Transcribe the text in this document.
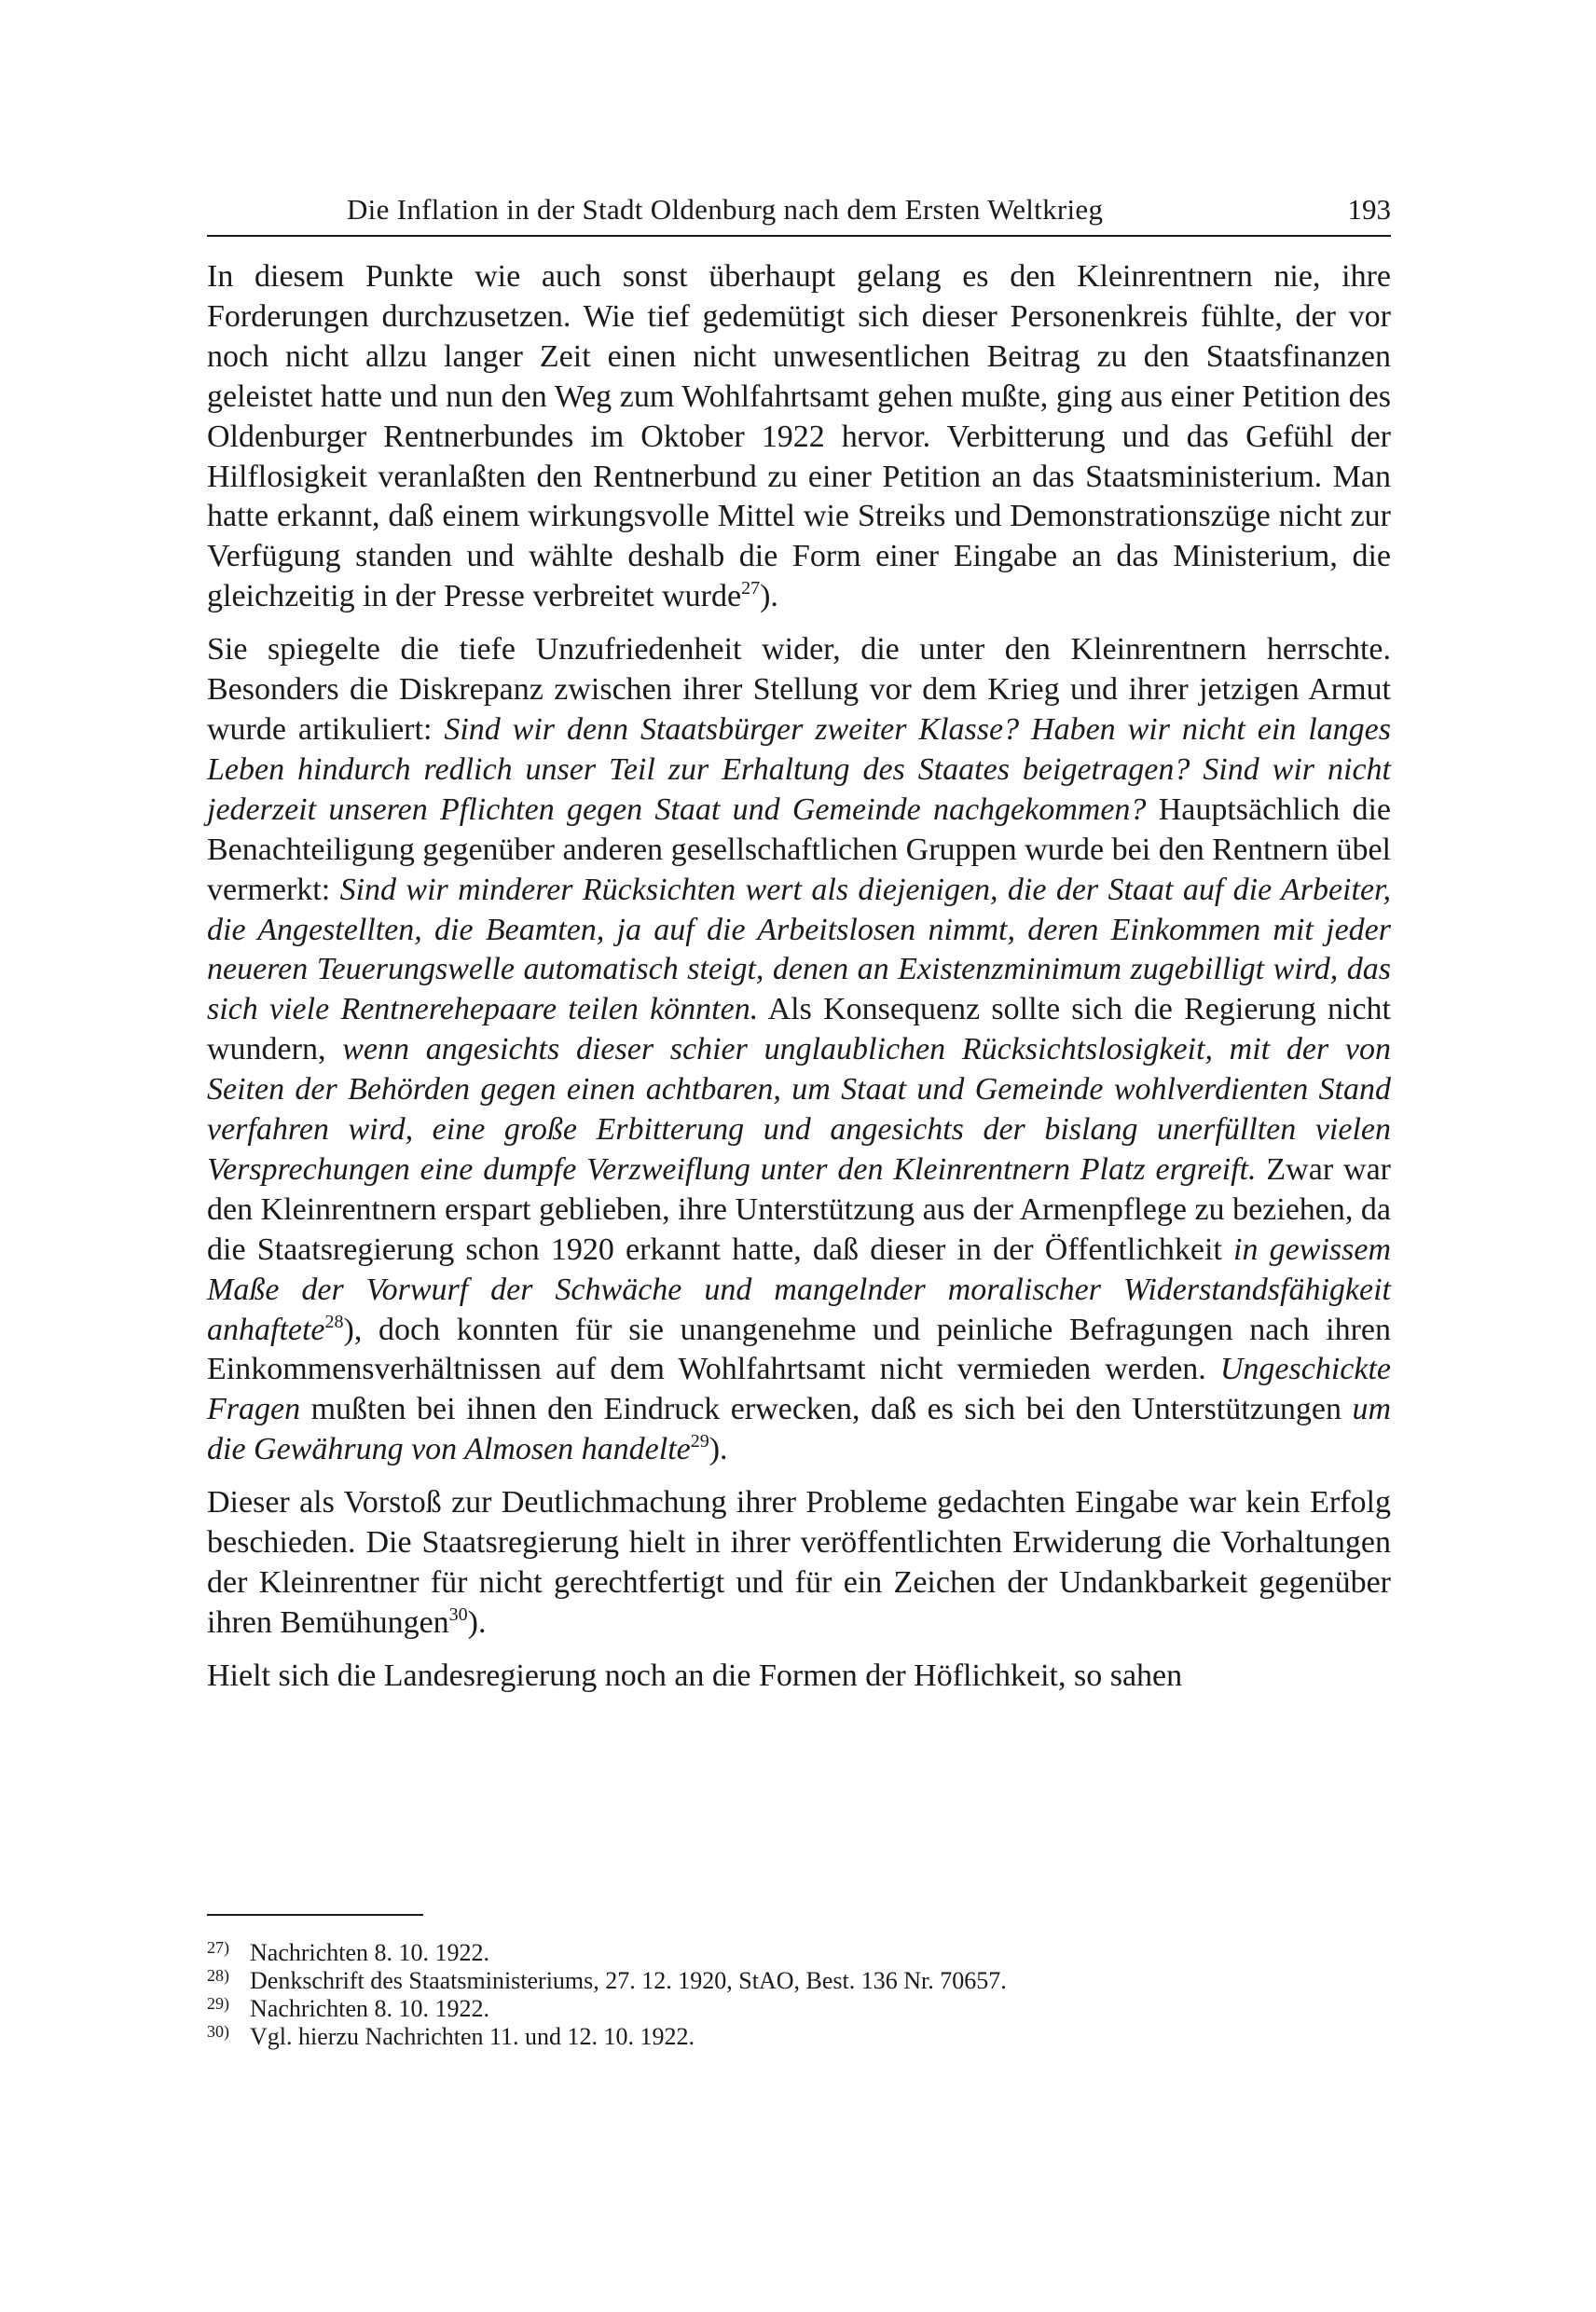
Die Inflation in der Stadt Oldenburg nach dem Ersten Weltkrieg	193

In diesem Punkte wie auch sonst überhaupt gelang es den Kleinrentnern nie, ihre Forderungen durchzusetzen. Wie tief gedemütigt sich dieser Personenkreis fühlte, der vor noch nicht allzu langer Zeit einen nicht unwesentlichen Beitrag zu den Staatsfinanzen geleistet hatte und nun den Weg zum Wohlfahrtsamt gehen mußte, ging aus einer Petition des Oldenburger Rentnerbundes im Oktober 1922 hervor. Verbitterung und das Gefühl der Hilflosigkeit veranlaßten den Rentnerbund zu einer Petition an das Staatsministerium. Man hatte erkannt, daß einem wirkungsvolle Mittel wie Streiks und Demonstrationszüge nicht zur Verfügung standen und wählte deshalb die Form einer Eingabe an das Ministerium, die gleichzeitig in der Presse verbreitet wurde$^{27}$).

Sie spiegelte die tiefe Unzufriedenheit wider, die unter den Kleinrentnern herrschte. Besonders die Diskrepanz zwischen ihrer Stellung vor dem Krieg und ihrer jetzigen Armut wurde artikuliert: Sind wir denn Staatsbürger zweiter Klasse? Haben wir nicht ein langes Leben hindurch redlich unser Teil zur Erhaltung des Staates beigetragen? Sind wir nicht jederzeit unseren Pflichten gegen Staat und Gemeinde nachgekommen? Hauptsächlich die Benachteiligung gegenüber anderen gesellschaftlichen Gruppen wurde bei den Rentnern übel vermerkt: Sind wir minderer Rücksichten wert als diejenigen, die der Staat auf die Arbeiter, die Angestellten, die Beamten, ja auf die Arbeitslosen nimmt, deren Einkommen mit jeder neueren Teuerungswelle automatisch steigt, denen an Existenzminimum zugebilligt wird, das sich viele Rentnerehepaare teilen könnten. Als Konsequenz sollte sich die Regierung nicht wundern, wenn angesichts dieser schier unglaublichen Rücksichtslosigkeit, mit der von Seiten der Behörden gegen einen achtbaren, um Staat und Gemeinde wohlverdienten Stand verfahren wird, eine große Erbitterung und angesichts der bislang unerfüllten vielen Versprechungen eine dumpfe Verzweiflung unter den Kleinrentnern Platz ergreift. Zwar war den Kleinrentnern erspart geblieben, ihre Unterstützung aus der Armenpflege zu beziehen, da die Staatsregierung schon 1920 erkannt hatte, daß dieser in der Öffentlichkeit in gewissem Maße der Vorwurf der Schwäche und mangelnder moralischer Widerstandsfähigkeit anhaftete$^{28}$), doch konnten für sie unangenehme und peinliche Befragungen nach ihren Einkommensverhältnissen auf dem Wohlfahrtsamt nicht vermieden werden. Ungeschickte Fragen mußten bei ihnen den Eindruck erwecken, daß es sich bei den Unterstützungen um die Gewährung von Almosen handelte$^{29}$).

Dieser als Vorstoß zur Deutlichmachung ihrer Probleme gedachten Eingabe war kein Erfolg beschieden. Die Staatsregierung hielt in ihrer veröffentlichten Erwiderung die Vorhaltungen der Kleinrentner für nicht gerechtfertigt und für ein Zeichen der Undankbarkeit gegenüber ihren Bemühungen$^{30}$).

Hielt sich die Landesregierung noch an die Formen der Höflichkeit, so sahen

27) Nachrichten 8. 10. 1922.

28) Denkschrift des Staatsministeriums, 27. 12. 1920, StAO, Best. 136 Nr. 70657.

29) Nachrichten 8. 10. 1922.

30) Vgl. hierzu Nachrichten 11. und 12. 10. 1922.
